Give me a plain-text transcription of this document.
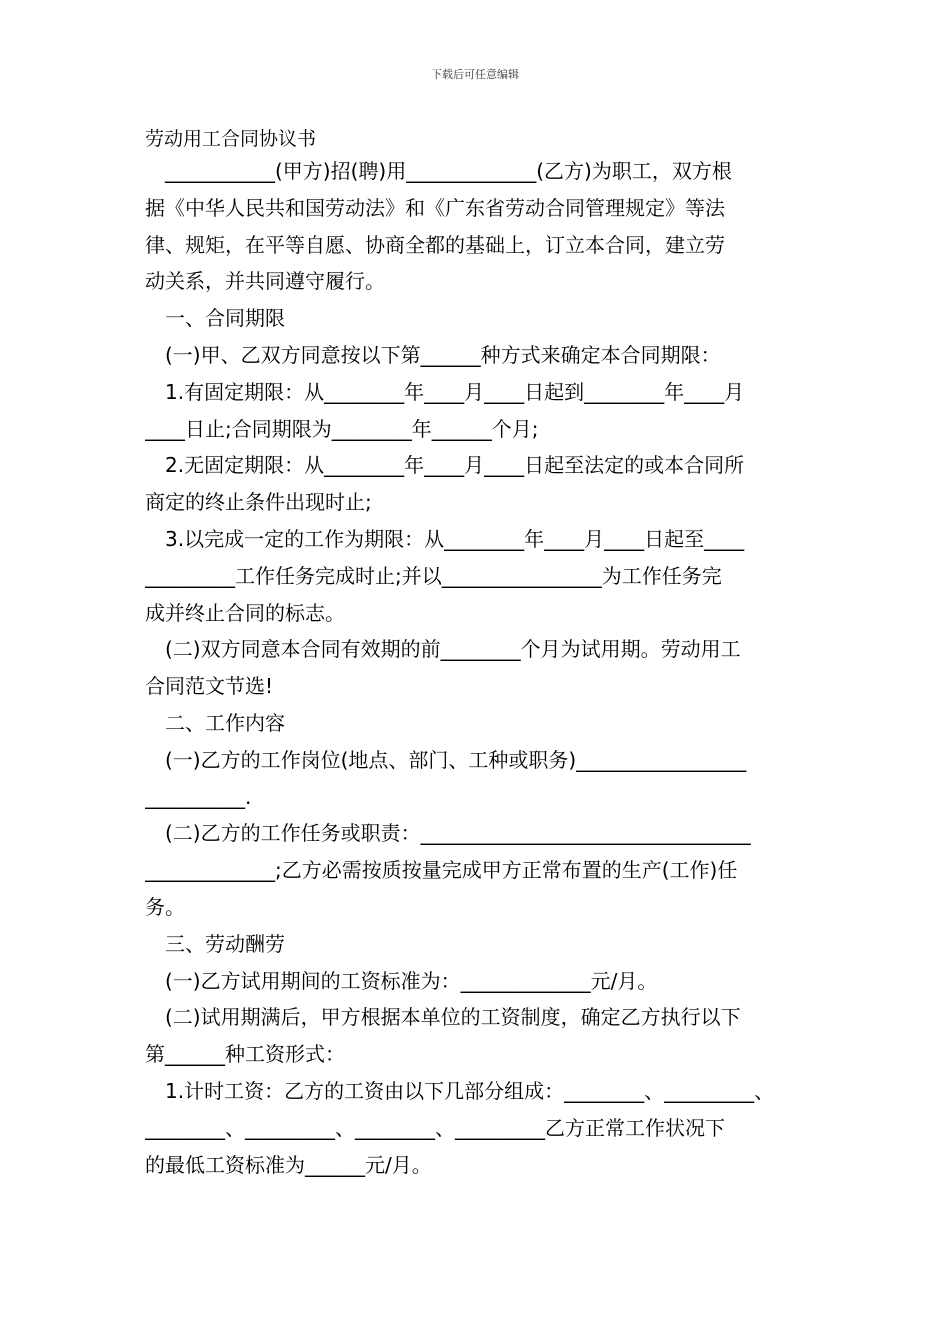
下载后可任意编辑
劳动用工合同协议书

___________(甲方)招(聘)用_____________(乙方)为职工，双方根

据《中华人民共和国劳动法》和《广东省劳动合同管理规定》等法

律、规矩，在平等自愿、协商全都的基础上，订立本合同，建立劳

动关系，并共同遵守履行。

一、合同期限

(一)甲、乙双方同意按以下第______种方式来确定本合同期限：

1.有固定期限：从________年____月____日起到________年____月

____日止;合同期限为________年______个月;

2.无固定期限：从________年____月____日起至法定的或本合同所

商定的终止条件出现时止;

3.以完成一定的工作为期限：从________年____月____日起至____

_________工作任务完成时止;并以________________为工作任务完

成并终止合同的标志。

(二)双方同意本合同有效期的前________个月为试用期。劳动用工

合同范文节选!

二、工作内容

(一)乙方的工作岗位(地点、部门、工种或职务)_________________

__________.

(二)乙方的工作任务或职责：_________________________________

_____________;乙方必需按质按量完成甲方正常布置的生产(工作)任

务。

三、劳动酬劳

(一)乙方试用期间的工资标准为：_____________元/月。

(二)试用期满后，甲方根据本单位的工资制度，确定乙方执行以下

第______种工资形式：

1.计时工资：乙方的工资由以下几部分组成：________、_________、

________、_________、________、_________乙方正常工作状况下

的最低工资标准为______元/月。
